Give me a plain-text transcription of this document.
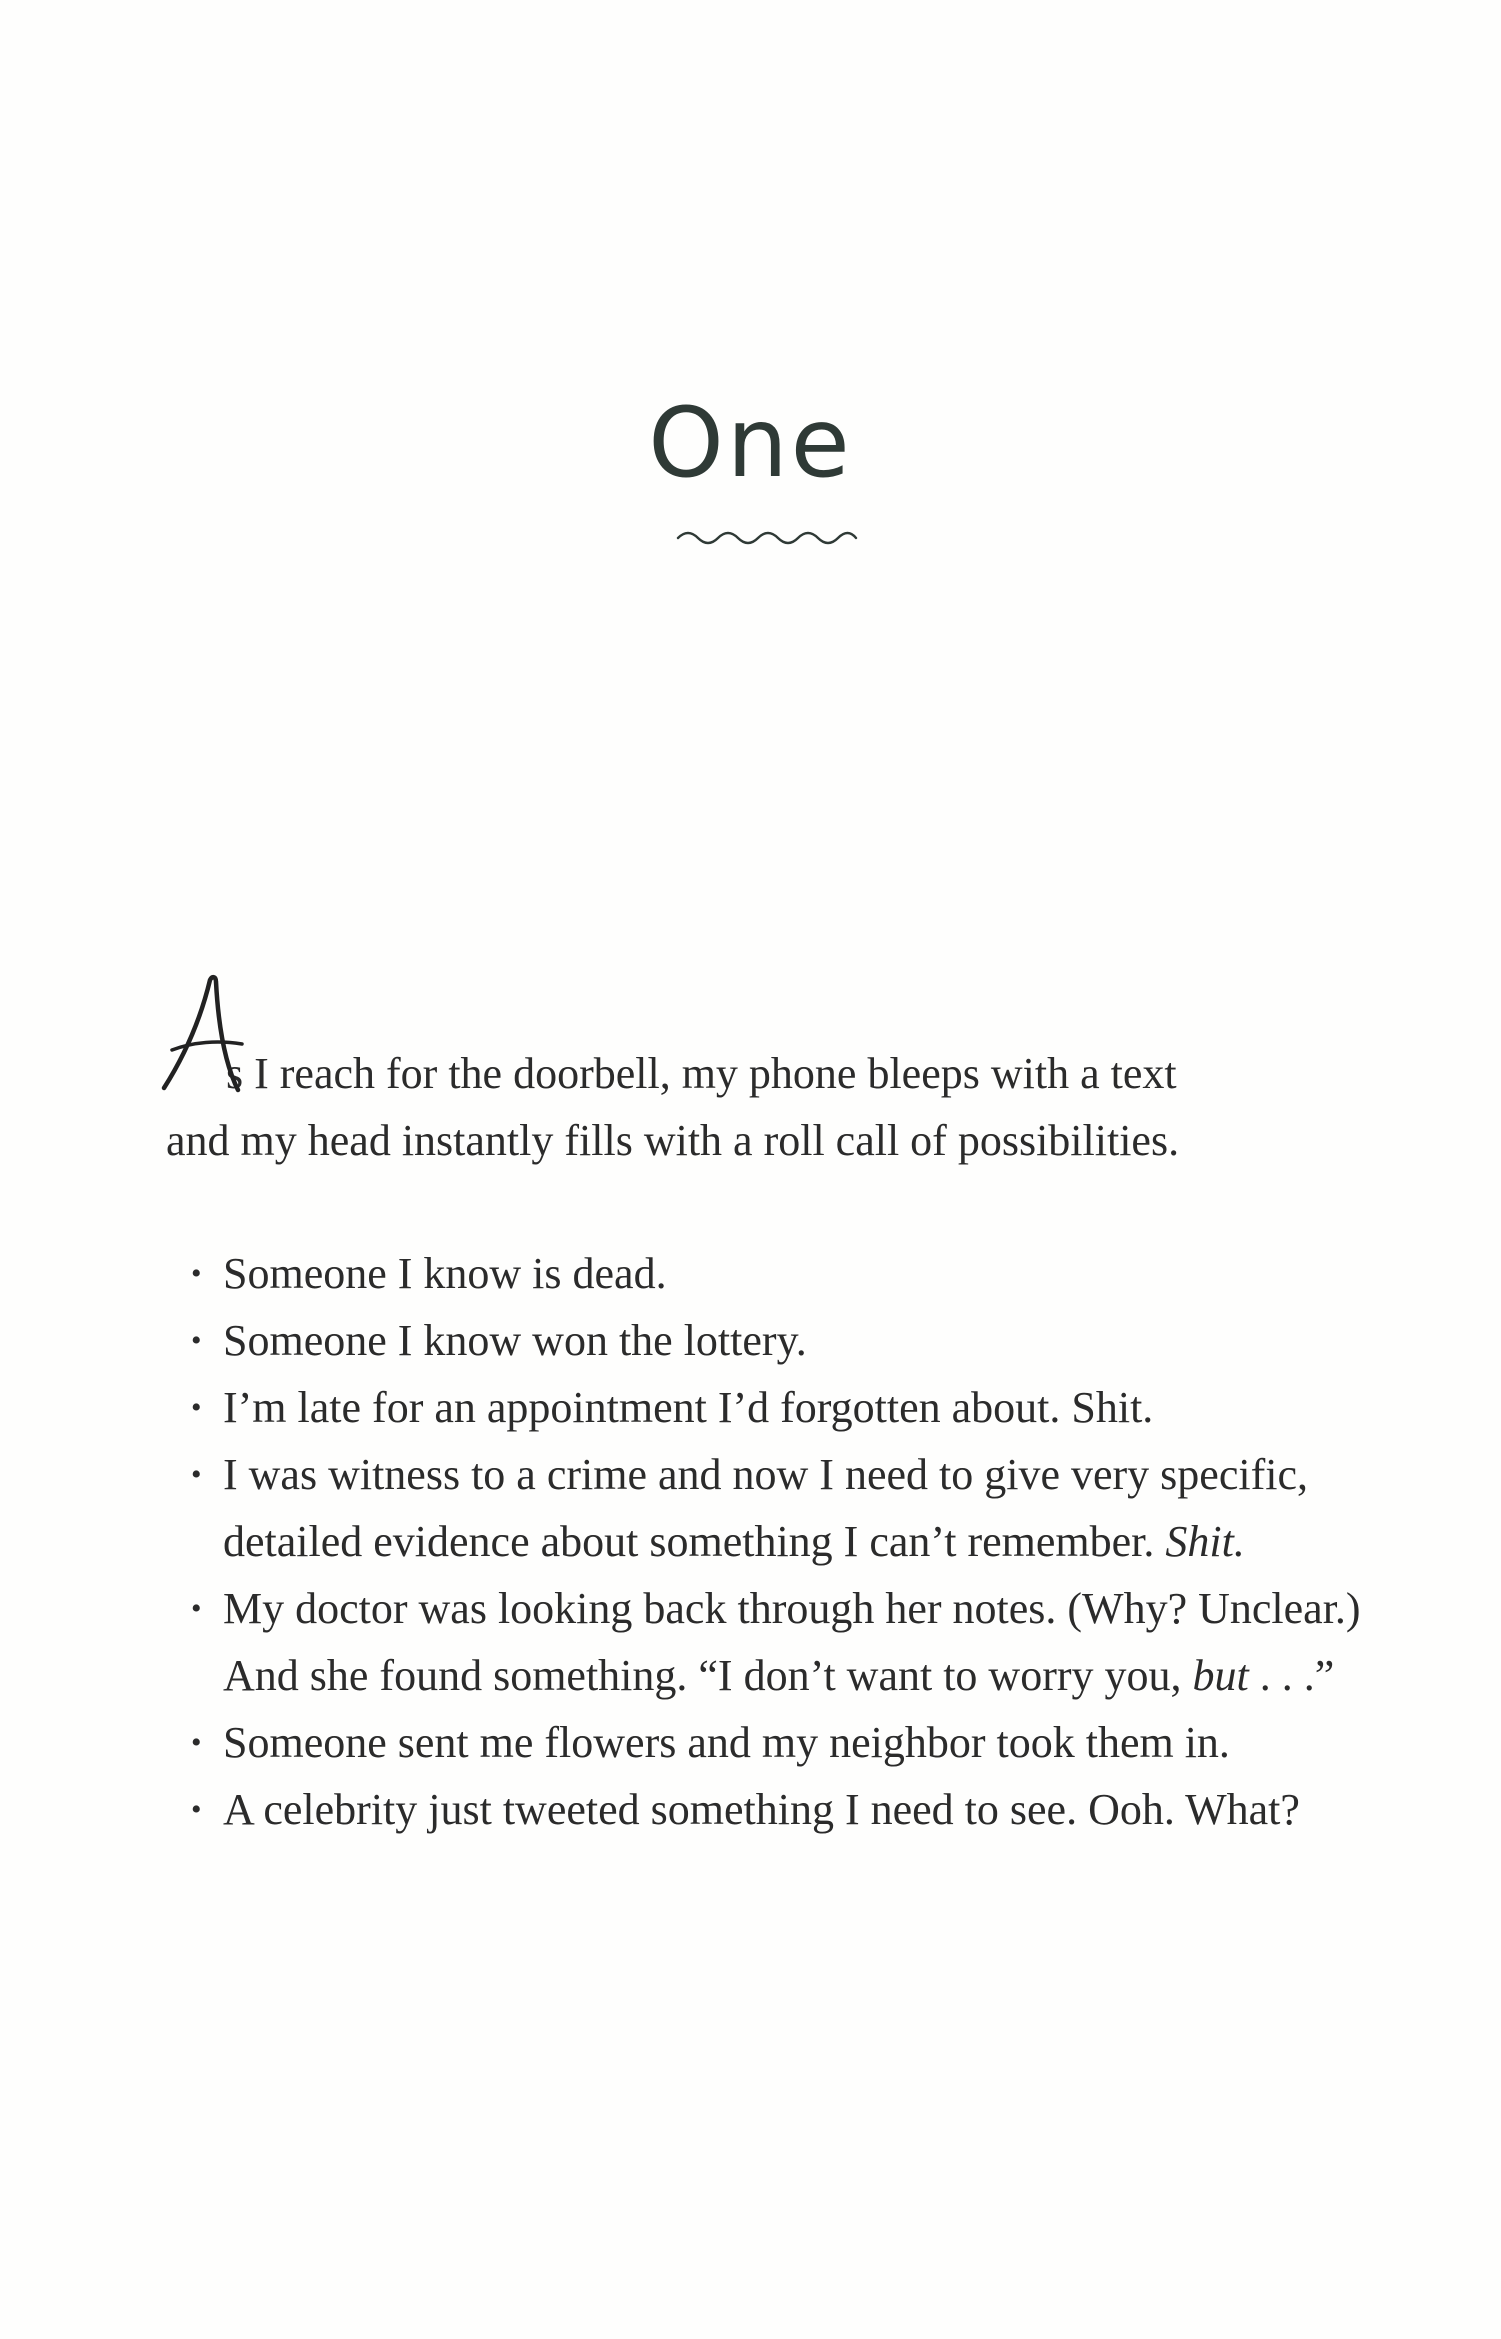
One

A
s I reach for the doorbell, my phone bleeps with a text
and my head instantly fills with a roll call of possibilities.

• Someone I know is dead.
• Someone I know won the lottery.
• I’m late for an appointment I’d forgotten about. Shit.
• I was witness to a crime and now I need to give very specific, detailed evidence about something I can’t remember. Shit.
• My doctor was looking back through her notes. (Why? Unclear.) And she found something. “I don’t want to worry you, but . . .”
• Someone sent me flowers and my neighbor took them in.
• A celebrity just tweeted something I need to see. Ooh. What?
